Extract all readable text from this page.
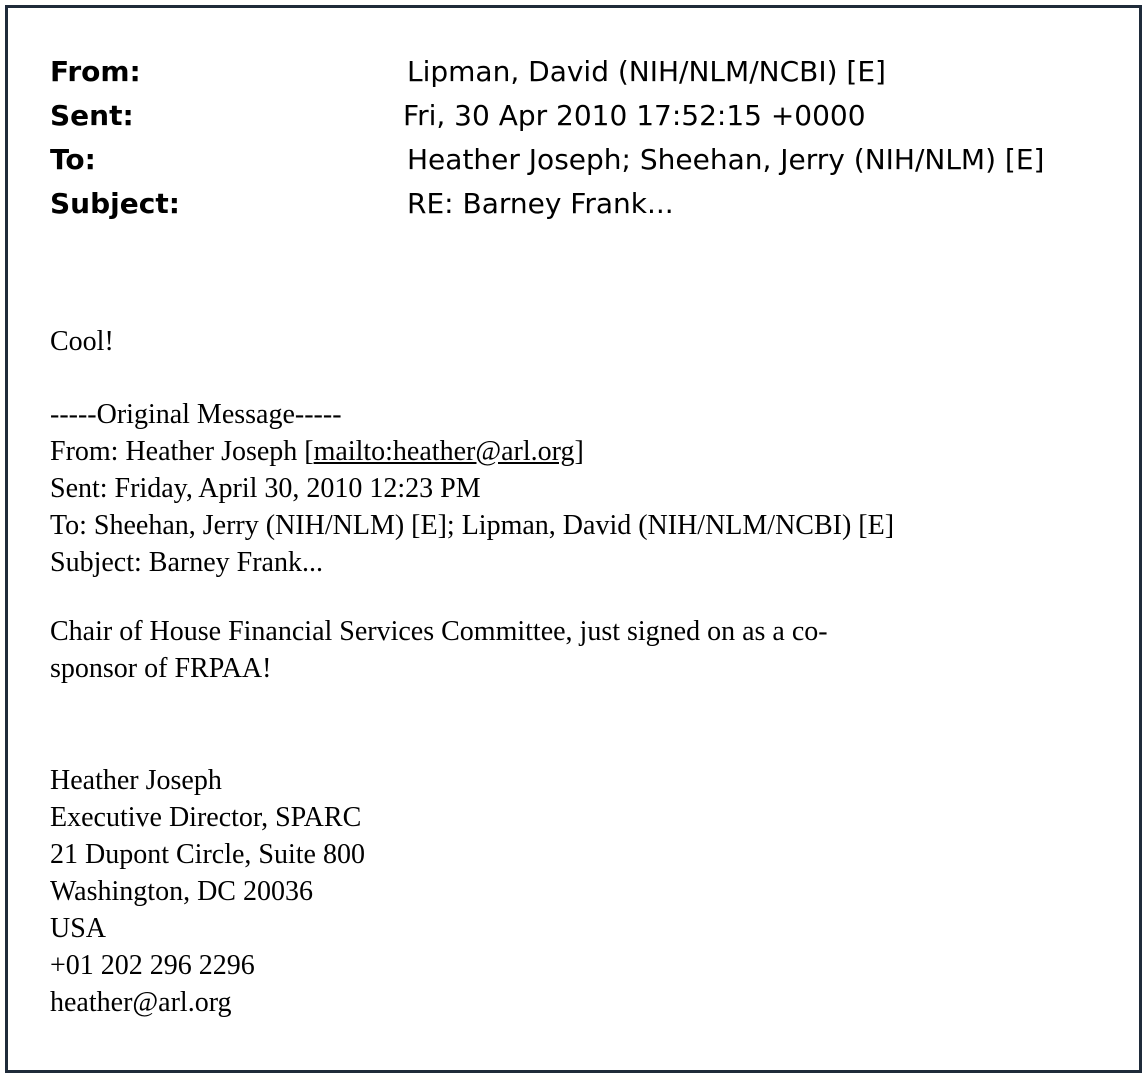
From:	Lipman, David (NIH/NLM/NCBI) [E]
Sent:	Fri, 30 Apr 2010 17:52:15 +0000
To:	Heather Joseph; Sheehan, Jerry (NIH/NLM) [E]
Subject:	RE: Barney Frank...

Cool!

-----Original Message-----

From: Heather Joseph [mailto:heather@arl.org]

Sent: Friday, April 30, 2010 12:23 PM

To: Sheehan, Jerry (NIH/NLM) [E]; Lipman, David (NIH/NLM/NCBI) [E]

Subject: Barney Frank...

Chair of House Financial Services Committee, just signed on as a co-

sponsor of FRPAA!

Heather Joseph

Executive Director, SPARC

21 Dupont Circle, Suite 800

Washington, DC 20036

USA

+01 202 296 2296

heather@arl.org
